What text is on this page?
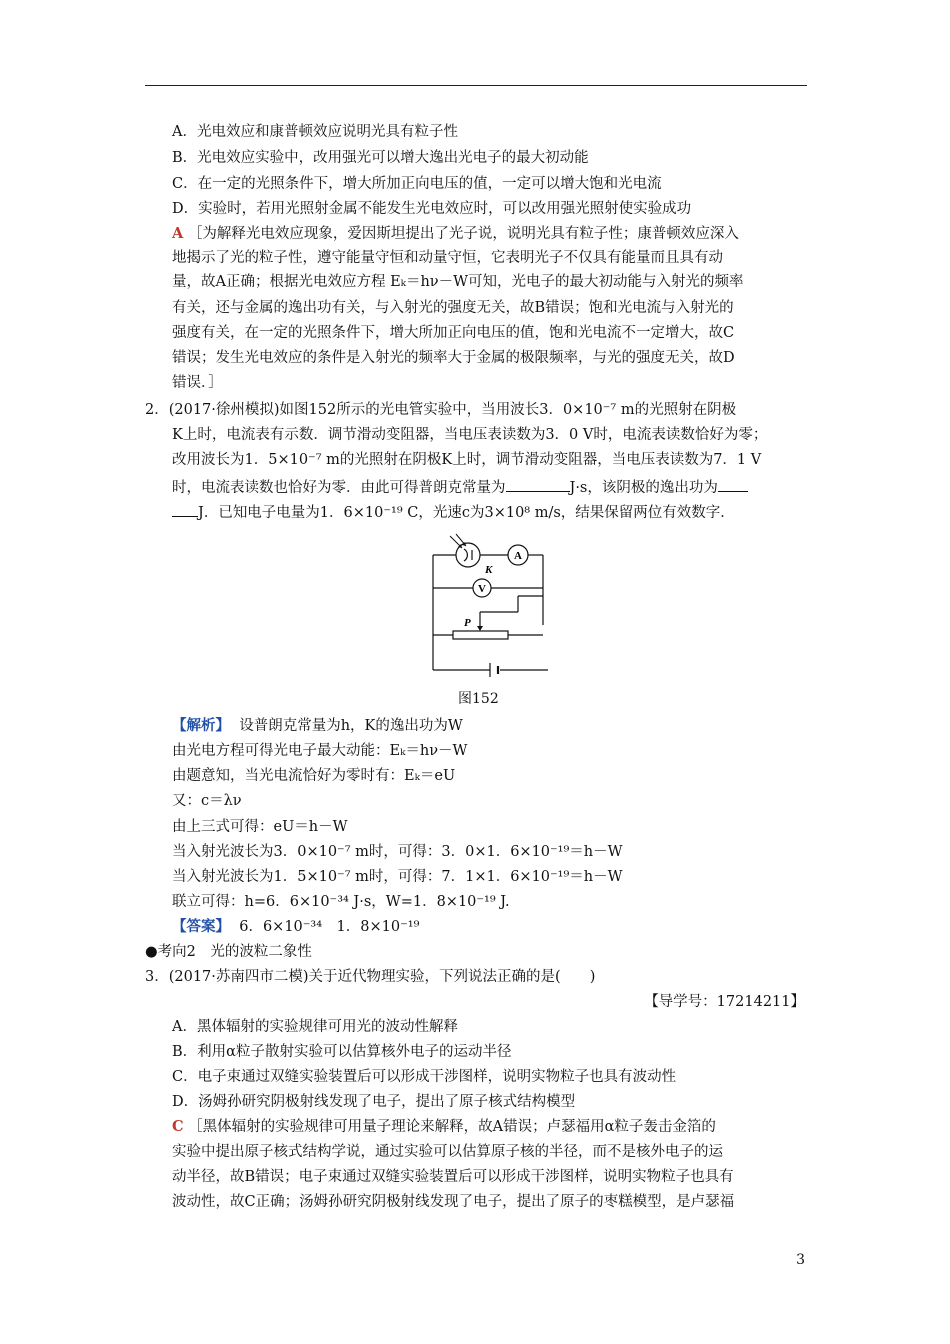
A．光电效应和康普顿效应说明光具有粒子性
B．光电效应实验中，改用强光可以增大逸出光电子的最大初动能
C．在一定的光照条件下，增大所加正向电压的值，一定可以增大饱和光电流
D．实验时，若用光照射金属不能发生光电效应时，可以改用强光照射使实验成功
A ［为解释光电效应现象，爱因斯坦提出了光子说，说明光具有粒子性；康普顿效应深入
地揭示了光的粒子性，遵守能量守恒和动量守恒，它表明光子不仅具有能量而且具有动
量，故A正确；根据光电效应方程 Eₖ＝hν－W可知，光电子的最大初动能与入射光的频率
有关，还与金属的逸出功有关，与入射光的强度无关，故B错误；饱和光电流与入射光的
强度有关，在一定的光照条件下，增大所加正向电压的值，饱和光电流不一定增大，故C
错误；发生光电效应的条件是入射光的频率大于金属的极限频率，与光的强度无关，故D
错误．］
2．(2017·徐州模拟)如图152所示的光电管实验中，当用波长3．0×10⁻⁷ m的光照射在阴极
K上时，电流表有示数．调节滑动变阻器，当电压表读数为3．0 V时，电流表读数恰好为零；
改用波长为1．5×10⁻⁷ m的光照射在阴极K上时，调节滑动变阻器，当电压表读数为7．1 V
时，电流表读数也恰好为零．由此可得普朗克常量为	J·s，该阴极的逸出功为
J．已知电子电量为1．6×10⁻¹⁹ C，光速c为3×10⁸ m/s，结果保留两位有效数字．
A
K
V
P
图152
【解析】 设普朗克常量为h，K的逸出功为W
由光电方程可得光电子最大动能：Eₖ＝hν－W
由题意知，当光电流恰好为零时有：Eₖ＝eU
又：c＝λν
由上三式可得：eU＝h－W
当入射光波长为3．0×10⁻⁷ m时，可得：3．0×1．6×10⁻¹⁹＝h－W
当入射光波长为1．5×10⁻⁷ m时，可得：7．1×1．6×10⁻¹⁹＝h－W
联立可得：h=6．6×10⁻³⁴ J·s，W=1．8×10⁻¹⁹ J.
【答案】 6．6×10⁻³⁴　1．8×10⁻¹⁹
●考向2　光的波粒二象性
3．(2017·苏南四市二模)关于近代物理实验，下列说法正确的是(　　)
【导学号：17214211】
A．黑体辐射的实验规律可用光的波动性解释
B．利用α粒子散射实验可以估算核外电子的运动半径
C．电子束通过双缝实验装置后可以形成干涉图样，说明实物粒子也具有波动性
D．汤姆孙研究阴极射线发现了电子，提出了原子核式结构模型
C ［黑体辐射的实验规律可用量子理论来解释，故A错误；卢瑟福用α粒子轰击金箔的
实验中提出原子核式结构学说，通过实验可以估算原子核的半径，而不是核外电子的运
动半径，故B错误；电子束通过双缝实验装置后可以形成干涉图样，说明实物粒子也具有
波动性，故C正确；汤姆孙研究阴极射线发现了电子，提出了原子的枣糕模型，是卢瑟福
3
